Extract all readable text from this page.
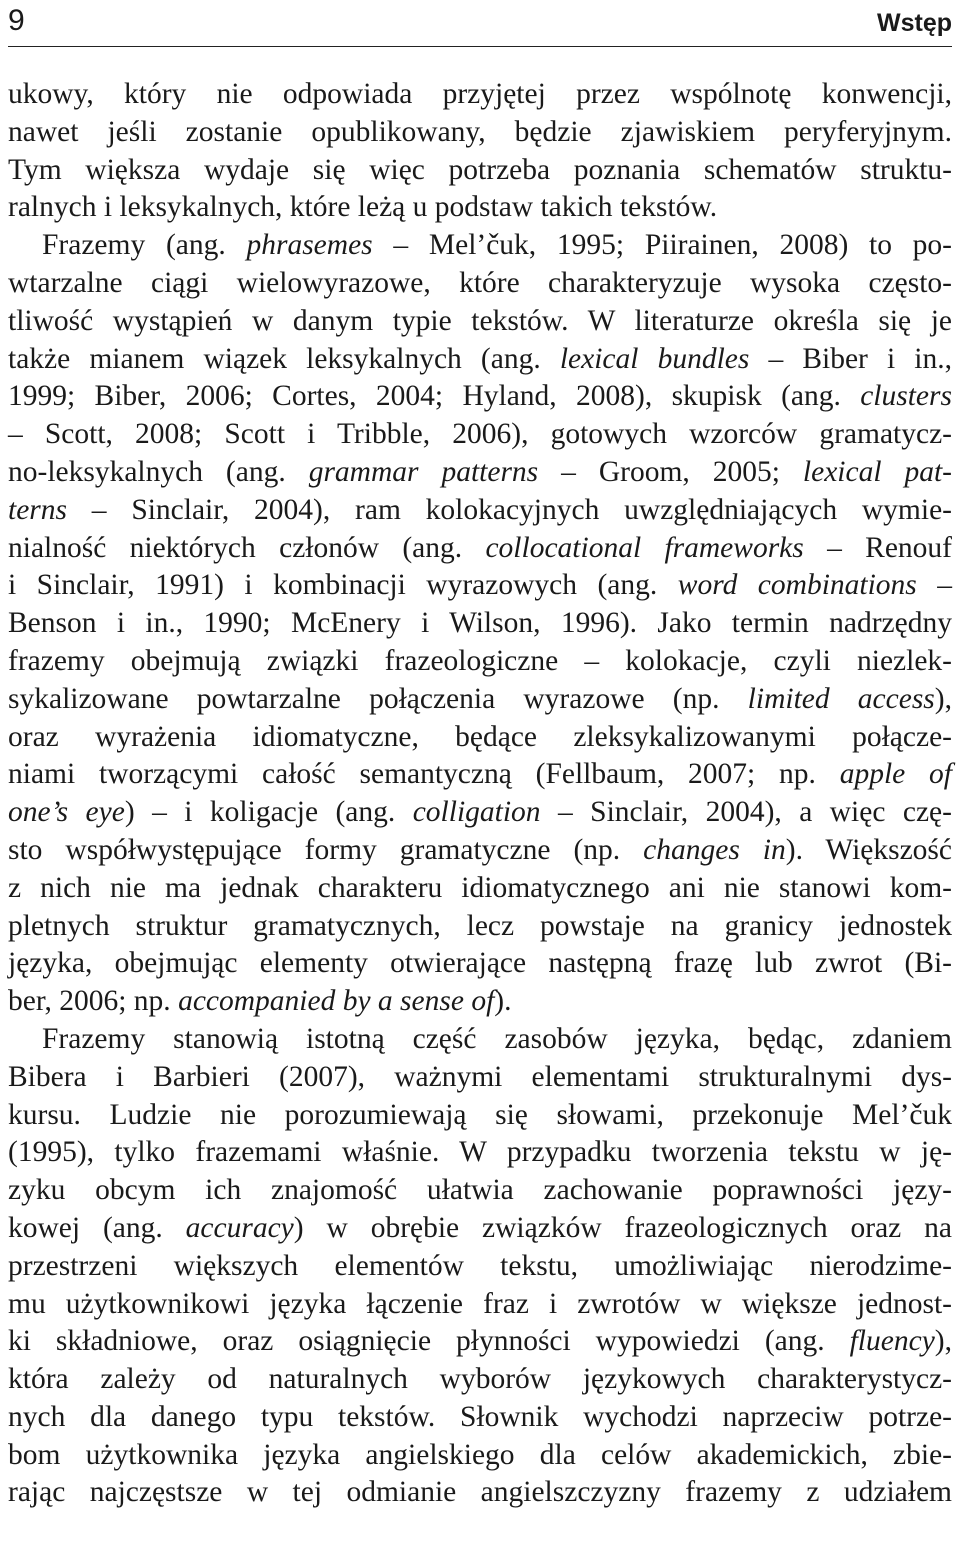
9	Wstęp
ukowy, który nie odpowiada przyjętej przez wspólnotę konwencji,
nawet jeśli zostanie opublikowany, będzie zjawiskiem peryferyjnym.
Tym większa wydaje się więc potrzeba poznania schematów struktu-
ralnych i leksykalnych, które leżą u podstaw takich tekstów.
Frazemy (ang. phrasemes – Mel’čuk, 1995; Piirainen, 2008) to po-
wtarzalne ciągi wielowyrazowe, które charakteryzuje wysoka często-
tliwość wystąpień w danym typie tekstów. W literaturze określa się je
także mianem wiązek leksykalnych (ang. lexical bundles – Biber i in.,
1999; Biber, 2006; Cortes, 2004; Hyland, 2008), skupisk (ang. clusters
– Scott, 2008; Scott i Tribble, 2006), gotowych wzorców gramatycz-
no-leksykalnych (ang. grammar patterns – Groom, 2005; lexical pat-
terns – Sinclair, 2004), ram kolokacyjnych uwzględniających wymie-
nialność niektórych członów (ang. collocational frameworks – Renouf
i Sinclair, 1991) i kombinacji wyrazowych (ang. word combinations –
Benson i in., 1990; McEnery i Wilson, 1996). Jako termin nadrzędny
frazemy obejmują związki frazeologiczne – kolokacje, czyli niezlek-
sykalizowane powtarzalne połączenia wyrazowe (np. limited access),
oraz wyrażenia idiomatyczne, będące zleksykalizowanymi połącze-
niami tworzącymi całość semantyczną (Fellbaum, 2007; np. apple of
one’s eye) – i koligacje (ang. colligation – Sinclair, 2004), a więc czę-
sto współwystępujące formy gramatyczne (np. changes in). Większość
z nich nie ma jednak charakteru idiomatycznego ani nie stanowi kom-
pletnych struktur gramatycznych, lecz powstaje na granicy jednostek
języka, obejmując elementy otwierające następną frazę lub zwrot (Bi-
ber, 2006; np. accompanied by a sense of).
Frazemy stanowią istotną część zasobów języka, będąc, zdaniem
Bibera i Barbieri (2007), ważnymi elementami strukturalnymi dys-
kursu. Ludzie nie porozumiewają się słowami, przekonuje Mel’čuk
(1995), tylko frazemami właśnie. W przypadku tworzenia tekstu w ję-
zyku obcym ich znajomość ułatwia zachowanie poprawności języ-
kowej (ang. accuracy) w obrębie związków frazeologicznych oraz na
przestrzeni większych elementów tekstu, umożliwiając nierodzime-
mu użytkownikowi języka łączenie fraz i zwrotów w większe jednost-
ki składniowe, oraz osiągnięcie płynności wypowiedzi (ang. fluency),
która zależy od naturalnych wyborów językowych charakterystycz-
nych dla danego typu tekstów. Słownik wychodzi naprzeciw potrze-
bom użytkownika języka angielskiego dla celów akademickich, zbie-
rając najczęstsze w tej odmianie angielszczyzny frazemy z udziałem
